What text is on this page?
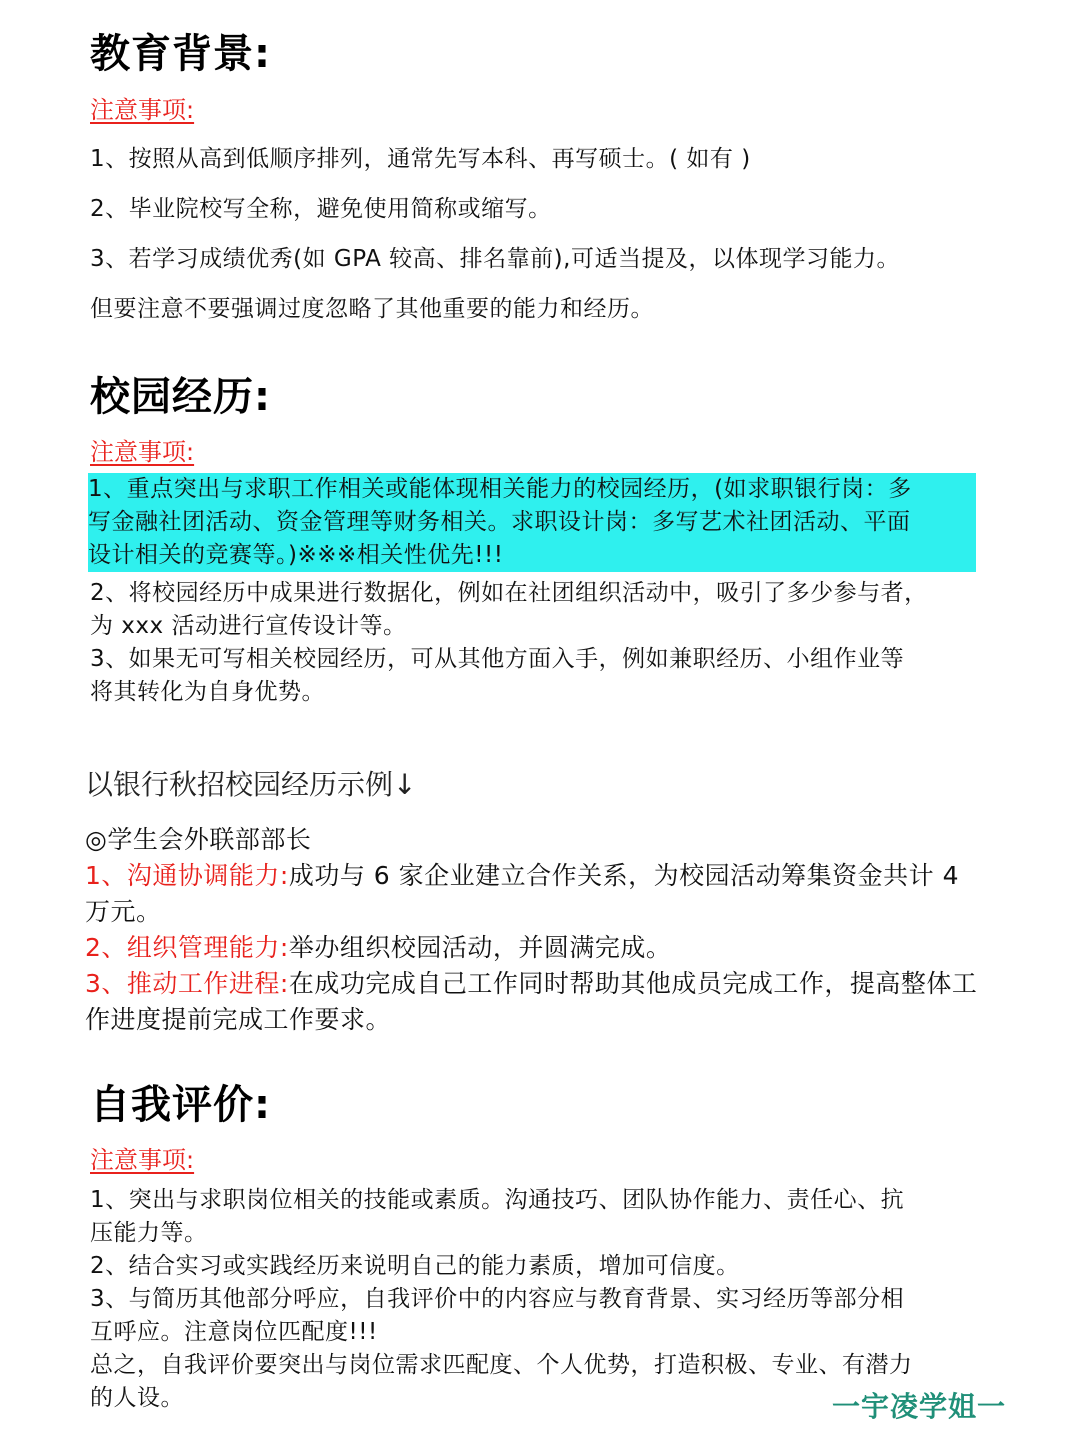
教育背景:
注意事项:
1、按照从高到低顺序排列，通常先写本科、再写硕士。( 如有 )
2、毕业院校写全称，避免使用简称或缩写。
3、若学习成绩优秀(如 GPA 较高、排名靠前),可适当提及，以体现学习能力。
但要注意不要强调过度忽略了其他重要的能力和经历。
校园经历:
注意事项:
1、重点突出与求职工作相关或能体现相关能力的校园经历，(如求职银行岗：多
写金融社团活动、资金管理等财务相关。求职设计岗：多写艺术社团活动、平面
设计相关的竞赛等。)※※※相关性优先!!!
2、将校园经历中成果进行数据化，例如在社团组织活动中，吸引了多少参与者，
为 xxx 活动进行宣传设计等。
3、如果无可写相关校园经历，可从其他方面入手，例如兼职经历、小组作业等
将其转化为自身优势。
以银行秋招校园经历示例↓
◎学生会外联部部长
1、沟通协调能力:成功与 6 家企业建立合作关系，为校园活动筹集资金共计 4
万元。
2、组织管理能力:举办组织校园活动，并圆满完成。
3、推动工作进程:在成功完成自己工作同时帮助其他成员完成工作，提高整体工
作进度提前完成工作要求。
自我评价:
注意事项:
1、突出与求职岗位相关的技能或素质。沟通技巧、团队协作能力、责任心、抗
压能力等。
2、结合实习或实践经历来说明自己的能力素质，增加可信度。
3、与简历其他部分呼应，自我评价中的内容应与教育背景、实习经历等部分相
互呼应。注意岗位匹配度!!!
总之，自我评价要突出与岗位需求匹配度、个人优势，打造积极、专业、有潜力
的人设。	一宇凌学姐一
